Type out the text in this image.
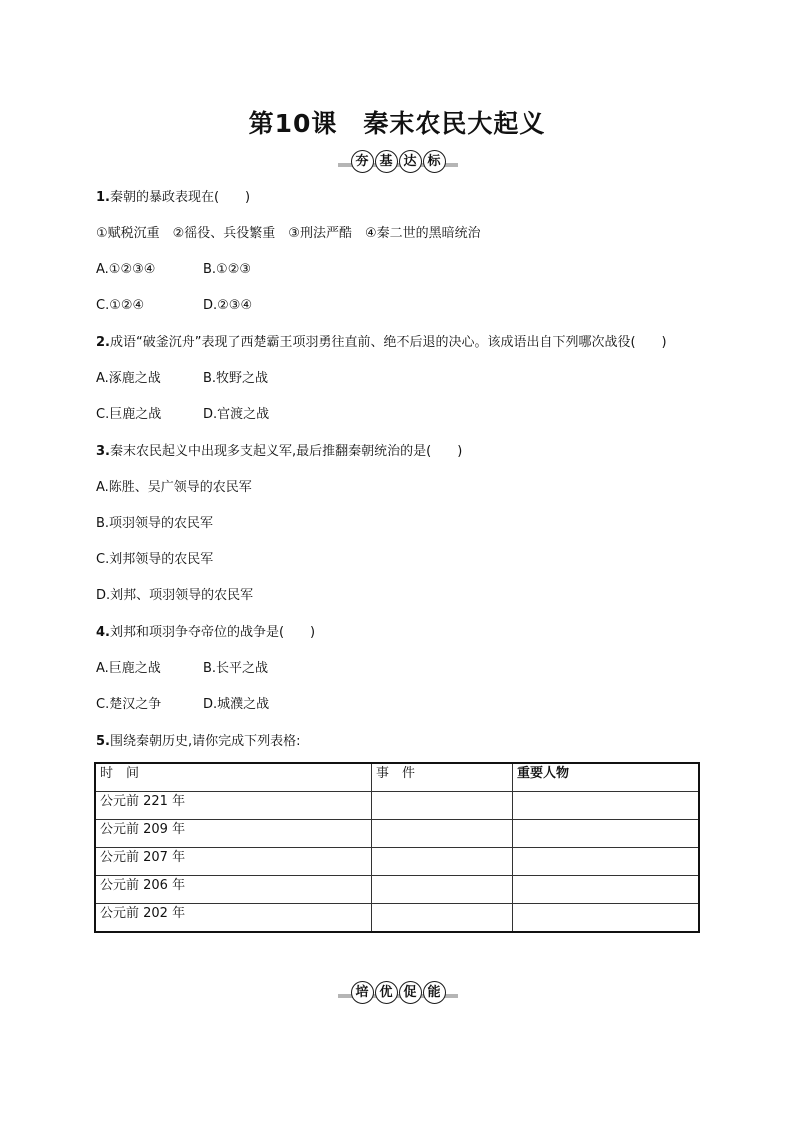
第10课　秦末农民大起义
夯 基 达 标
1.秦朝的暴政表现在(　　)
①赋税沉重　②徭役、兵役繁重　③刑法严酷　④秦二世的黑暗统治
A.①②③④	B.①②③
C.①②④	D.②③④
2.成语“破釜沉舟”表现了西楚霸王项羽勇往直前、绝不后退的决心。该成语出自下列哪次战役(　　)
A.涿鹿之战	B.牧野之战
C.巨鹿之战	D.官渡之战
3.秦末农民起义中出现多支起义军,最后推翻秦朝统治的是(　　)
A.陈胜、吴广领导的农民军
B.项羽领导的农民军
C.刘邦领导的农民军
D.刘邦、项羽领导的农民军
4.刘邦和项羽争夺帝位的战争是(　　)
A.巨鹿之战	B.长平之战
C.楚汉之争	D.城濮之战
5.围绕秦朝历史,请你完成下列表格:
时　间	事　件	重要人物
公元前 221 年		
公元前 209 年		
公元前 207 年		
公元前 206 年		
公元前 202 年		
培 优 促 能
